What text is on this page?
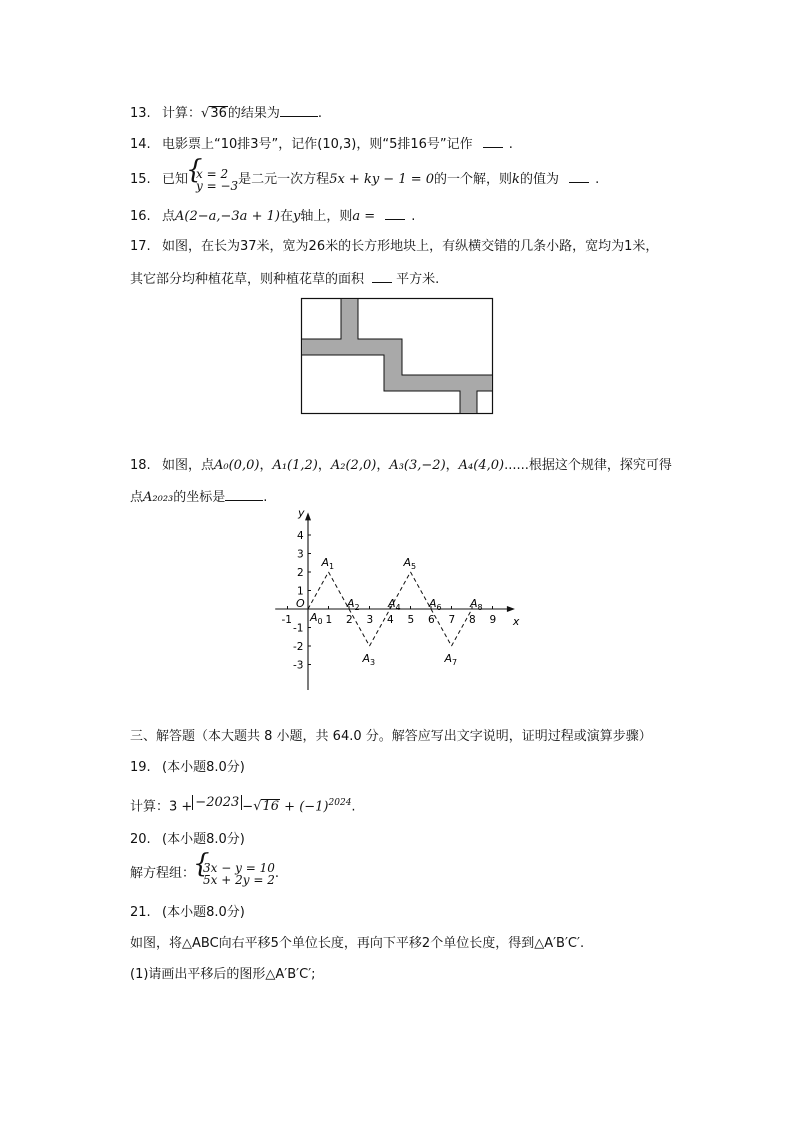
13. 计算：√36的结果为	.
14. 电影票上“10排3号”，记作(10,3)，则“5排16号”记作	.
15. 已知 { x = 2
y = −3 是二元一次方程5x + ky − 1 = 0的一个解，则k的值为	.
16. 点A(2−a,−3a + 1)在y轴上，则a =	.
17. 如图，在长为37米，宽为26米的长方形地块上，有纵横交错的几条小路，宽均为1米，
其它部分均种植花草，则种植花草的面积 平方米.
18. 如图，点A₀(0,0)，A₁(1,2)，A₂(2,0)，A₃(3,−2)，A₄(4,0)......根据这个规律，探究可得
点A₂₀₂₃的坐标是	.
x
y
O
-1	1 2 3 4 5 6 7 8 9
4
3
2
1
-1
-2
-3
$A_0$
$A_1$
$A_2$
$A_3$
$A_4$
$A_5$
$A_6$
$A_7$
$A_8$
三、解答题（本大题共 8 小题，共 64.0 分。解答应写出文字说明，证明过程或演算步骤）
19. (本小题8.0分)
计算：$3 + -2023 -√16 + (-1)^{2024}$.
20. (本小题8.0分)
解方程组： { 3x − y = 10
5x + 2y = 2 .
21. (本小题8.0分)
如图，将△ABC向右平移5个单位长度，再向下平移2个单位长度，得到△A′B′C′.
(1)请画出平移后的图形△A′B′C′;
